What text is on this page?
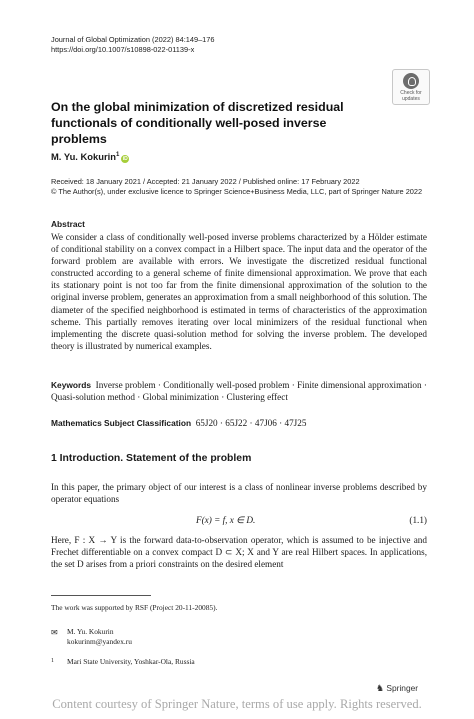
Journal of Global Optimization (2022) 84:149–176
https://doi.org/10.1007/s10898-022-01139-x
Check for
updates
On the global minimization of discretized residual functionals of conditionally well-posed inverse problems
M. Yu. Kokurin$^1$iD
Received: 18 January 2021 / Accepted: 21 January 2022 / Published online: 17 February 2022
© The Author(s), under exclusive licence to Springer Science+Business Media, LLC, part of Springer Nature 2022
Abstract
We consider a class of conditionally well-posed inverse problems characterized by a Hölder estimate of conditional stability on a convex compact in a Hilbert space. The input data and the operator of the forward problem are available with errors. We investigate the discretized residual functional constructed according to a general scheme of finite dimensional approximation. We prove that each its stationary point is not too far from the finite dimensional approximation of the solution to the original inverse problem, generates an approximation from a small neighborhood of this solution. The diameter of the specified neighborhood is estimated in terms of characteristics of the approximation scheme. This partially removes iterating over local minimizers of the residual functional when implementing the discrete quasi-solution method for solving the inverse problem. The developed theory is illustrated by numerical examples.
Keywords Inverse problem · Conditionally well-posed problem · Finite dimensional approximation · Quasi-solution method · Global minimization · Clustering effect
Mathematics Subject Classification 65J20 · 65J22 · 47J06 · 47J25
1 Introduction. Statement of the problem
In this paper, the primary object of our interest is a class of nonlinear inverse problems described by operator equations
F(x) = f, x ∈ D.	(1.1)
Here, F : X → Y is the forward data-to-observation operator, which is assumed to be injective and Frechet differentiable on a convex compact D ⊂ X; X and Y are real Hilbert spaces. In applications, the set D arises from a priori constraints on the desired element
The work was supported by RSF (Project 20-11-20085).
✉ M. Yu. Kokurin
kokurinm@yandex.ru
1 Mari State University, Yoshkar-Ola, Russia
♞ Springer
Content courtesy of Springer Nature, terms of use apply. Rights reserved.
